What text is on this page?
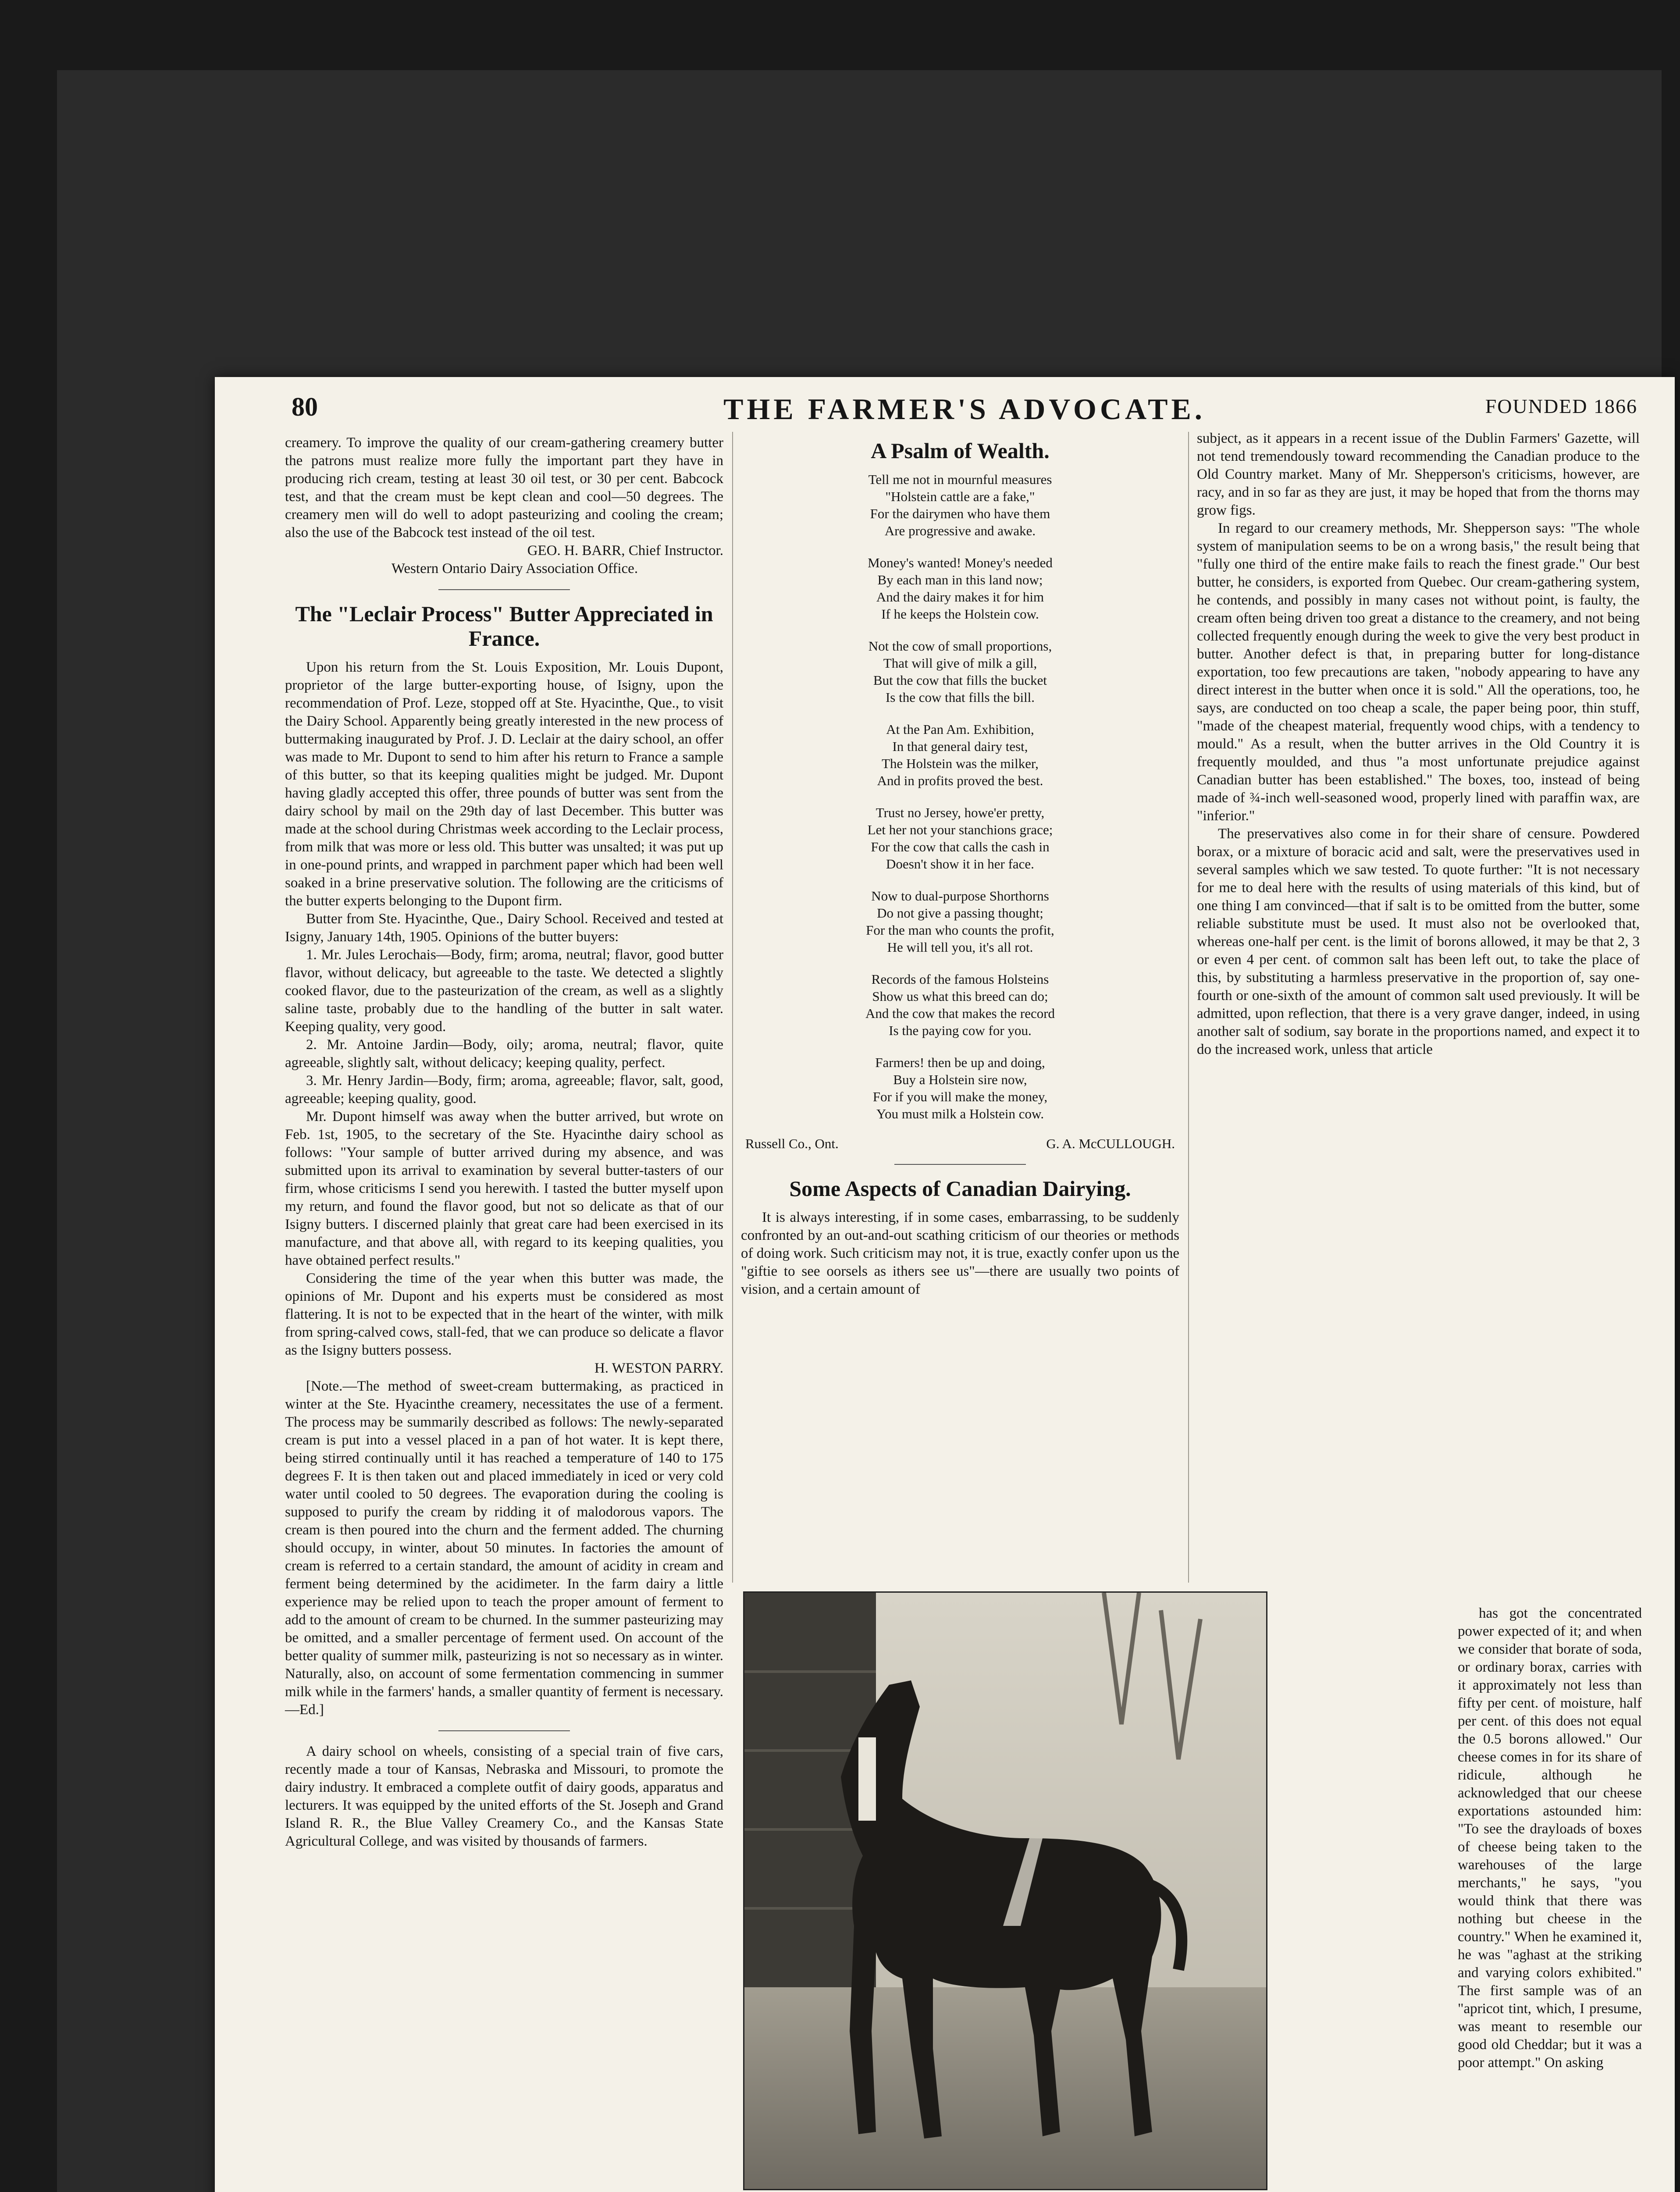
80	THE FARMER'S ADVOCATE.	FOUNDED 1866

creamery. To improve the quality of our cream-gathering creamery butter the patrons must realize more fully the important part they have in producing rich cream, testing at least 30 oil test, or 30 per cent. Babcock test, and that the cream must be kept clean and cool—50 degrees. The creamery men will do well to adopt pasteurizing and cooling the cream; also the use of the Babcock test instead of the oil test.

GEO. H. BARR, Chief Instructor.

Western Ontario Dairy Association Office.

The "Leclair Process" Butter Appreciated in France.

Upon his return from the St. Louis Exposition, Mr. Louis Dupont, proprietor of the large butter-exporting house, of Isigny, upon the recommendation of Prof. Leze, stopped off at Ste. Hyacinthe, Que., to visit the Dairy School. Apparently being greatly interested in the new process of buttermaking inaugurated by Prof. J. D. Leclair at the dairy school, an offer was made to Mr. Dupont to send to him after his return to France a sample of this butter, so that its keeping qualities might be judged. Mr. Dupont having gladly accepted this offer, three pounds of butter was sent from the dairy school by mail on the 29th day of last December. This butter was made at the school during Christmas week according to the Leclair process, from milk that was more or less old. This butter was unsalted; it was put up in one-pound prints, and wrapped in parchment paper which had been well soaked in a brine preservative solution. The following are the criticisms of the butter experts belonging to the Dupont firm.

Butter from Ste. Hyacinthe, Que., Dairy School. Received and tested at Isigny, January 14th, 1905. Opinions of the butter buyers:

1. Mr. Jules Lerochais—Body, firm; aroma, neutral; flavor, good butter flavor, without delicacy, but agreeable to the taste. We detected a slightly cooked flavor, due to the pasteurization of the cream, as well as a slightly saline taste, probably due to the handling of the butter in salt water. Keeping quality, very good.

2. Mr. Antoine Jardin—Body, oily; aroma, neutral; flavor, quite agreeable, slightly salt, without delicacy; keeping quality, perfect.

3. Mr. Henry Jardin—Body, firm; aroma, agreeable; flavor, salt, good, agreeable; keeping quality, good.

Mr. Dupont himself was away when the butter arrived, but wrote on Feb. 1st, 1905, to the secretary of the Ste. Hyacinthe dairy school as follows: "Your sample of butter arrived during my absence, and was submitted upon its arrival to examination by several butter-tasters of our firm, whose criticisms I send you herewith. I tasted the butter myself upon my return, and found the flavor good, but not so delicate as that of our Isigny butters. I discerned plainly that great care had been exercised in its manufacture, and that above all, with regard to its keeping qualities, you have obtained perfect results."

Considering the time of the year when this butter was made, the opinions of Mr. Dupont and his experts must be considered as most flattering. It is not to be expected that in the heart of the winter, with milk from spring-calved cows, stall-fed, that we can produce so delicate a flavor as the Isigny butters possess.

H. WESTON PARRY.

[Note.—The method of sweet-cream buttermaking, as practiced in winter at the Ste. Hyacinthe creamery, necessitates the use of a ferment. The process may be summarily described as follows: The newly-separated cream is put into a vessel placed in a pan of hot water. It is kept there, being stirred continually until it has reached a temperature of 140 to 175 degrees F. It is then taken out and placed immediately in iced or very cold water until cooled to 50 degrees. The evaporation during the cooling is supposed to purify the cream by ridding it of malodorous vapors. The cream is then poured into the churn and the ferment added. The churning should occupy, in winter, about 50 minutes. In factories the amount of cream is referred to a certain standard, the amount of acidity in cream and ferment being determined by the acidimeter. In the farm dairy a little experience may be relied upon to teach the proper amount of ferment to add to the amount of cream to be churned. In the summer pasteurizing may be omitted, and a smaller percentage of ferment used. On account of the better quality of summer milk, pasteurizing is not so necessary as in winter. Naturally, also, on account of some fermentation commencing in summer milk while in the farmers' hands, a smaller quantity of ferment is necessary.—Ed.]

A dairy school on wheels, consisting of a special train of five cars, recently made a tour of Kansas, Nebraska and Missouri, to promote the dairy industry. It embraced a complete outfit of dairy goods, apparatus and lecturers. It was equipped by the united efforts of the St. Joseph and Grand Island R. R., the Blue Valley Creamery Co., and the Kansas State Agricultural College, and was visited by thousands of farmers.

A Psalm of Wealth.
Tell me not in mournful measures
"Holstein cattle are a fake,"
For the dairymen who have them
Are progressive and awake.
Money's wanted! Money's needed
By each man in this land now;
And the dairy makes it for him
If he keeps the Holstein cow.
Not the cow of small proportions,
That will give of milk a gill,
But the cow that fills the bucket
Is the cow that fills the bill.
At the Pan Am. Exhibition,
In that general dairy test,
The Holstein was the milker,
And in profits proved the best.
Trust no Jersey, howe'er pretty,
Let her not your stanchions grace;
For the cow that calls the cash in
Doesn't show it in her face.
Now to dual-purpose Shorthorns
Do not give a passing thought;
For the man who counts the profit,
He will tell you, it's all rot.
Records of the famous Holsteins
Show us what this breed can do;
And the cow that makes the record
Is the paying cow for you.
Farmers! then be up and doing,
Buy a Holstein sire now,
For if you will make the money,
You must milk a Holstein cow.
Russell Co., Ont.	G. A. McCULLOUGH.
Some Aspects of Canadian Dairying.

It is always interesting, if in some cases, embarrassing, to be suddenly confronted by an out-and-out scathing criticism of our theories or methods of doing work. Such criticism may not, it is true, exactly confer upon us the "giftie to see oorsels as ithers see us"—there are usually two points of vision, and a certain amount of

subject, as it appears in a recent issue of the Dublin Farmers' Gazette, will not tend tremendously toward recommending the Canadian produce to the Old Country market. Many of Mr. Shepperson's criticisms, however, are racy, and in so far as they are just, it may be hoped that from the thorns may grow figs.

In regard to our creamery methods, Mr. Shepperson says: "The whole system of manipulation seems to be on a wrong basis," the result being that "fully one third of the entire make fails to reach the finest grade." Our best butter, he considers, is exported from Quebec. Our cream-gathering system, he contends, and possibly in many cases not without point, is faulty, the cream often being driven too great a distance to the creamery, and not being collected frequently enough during the week to give the very best product in butter. Another defect is that, in preparing butter for long-distance exportation, too few precautions are taken, "nobody appearing to have any direct interest in the butter when once it is sold." All the operations, too, he says, are conducted on too cheap a scale, the paper being poor, thin stuff, "made of the cheapest material, frequently wood chips, with a tendency to mould." As a result, when the butter arrives in the Old Country it is frequently moulded, and thus "a most unfortunate prejudice against Canadian butter has been established." The boxes, too, instead of being made of ¾-inch well-seasoned wood, properly lined with paraffin wax, are "inferior."

The preservatives also come in for their share of censure. Powdered borax, or a mixture of boracic acid and salt, were the preservatives used in several samples which we saw tested. To quote further: "It is not necessary for me to deal here with the results of using materials of this kind, but of one thing I am convinced—that if salt is to be omitted from the butter, some reliable substitute must be used. It must also not be overlooked that, whereas one-half per cent. is the limit of borons allowed, it may be that 2, 3 or even 4 per cent. of common salt has been left out, to take the place of this, by substituting a harmless preservative in the proportion of, say one-fourth or one-sixth of the amount of common salt used previously. It will be admitted, upon reflection, that there is a very grave danger, indeed, in using another salt of sodium, say borate in the proportions named, and expect it to do the increased work, unless that article

has got the concentrated power expected of it; and when we consider that borate of soda, or ordinary borax, carries with it approximately not less than fifty per cent. of moisture, half per cent. of this does not equal the 0.5 borons allowed." Our cheese comes in for its share of ridicule, although he acknowledged that our cheese exportations astounded him: "To see the drayloads of boxes of cheese being taken to the warehouses of the large merchants," he says, "you would think that there was nothing but cheese in the country." When he examined it, he was "aghast at the striking and varying colors exhibited." The first sample was of an "apricot tint, which, I presume, was meant to resemble our good old Cheddar; but it was a poor attempt." On asking
